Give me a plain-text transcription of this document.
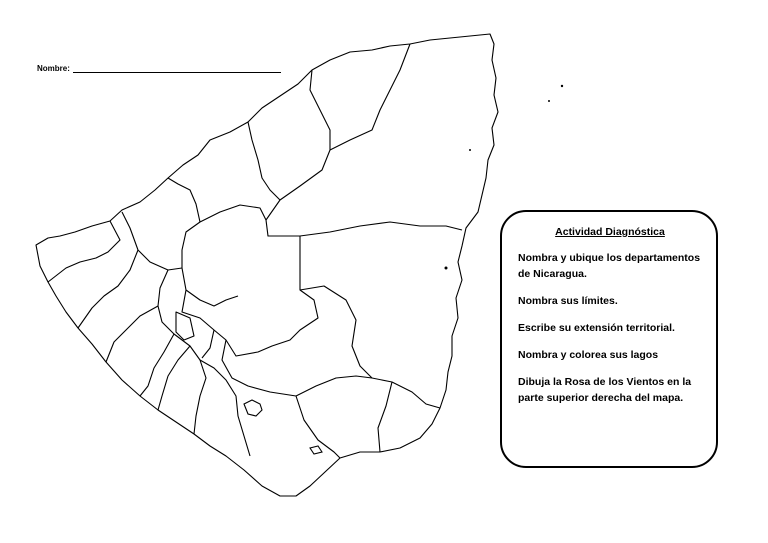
Nombre:
Actividad Diagnóstica
Nombra y ubique los departamentos de Nicaragua.
Nombra sus límites.
Escribe su extensión territorial.
Nombra y colorea sus lagos
Dibuja la Rosa de los Vientos en la parte superior derecha del mapa.
